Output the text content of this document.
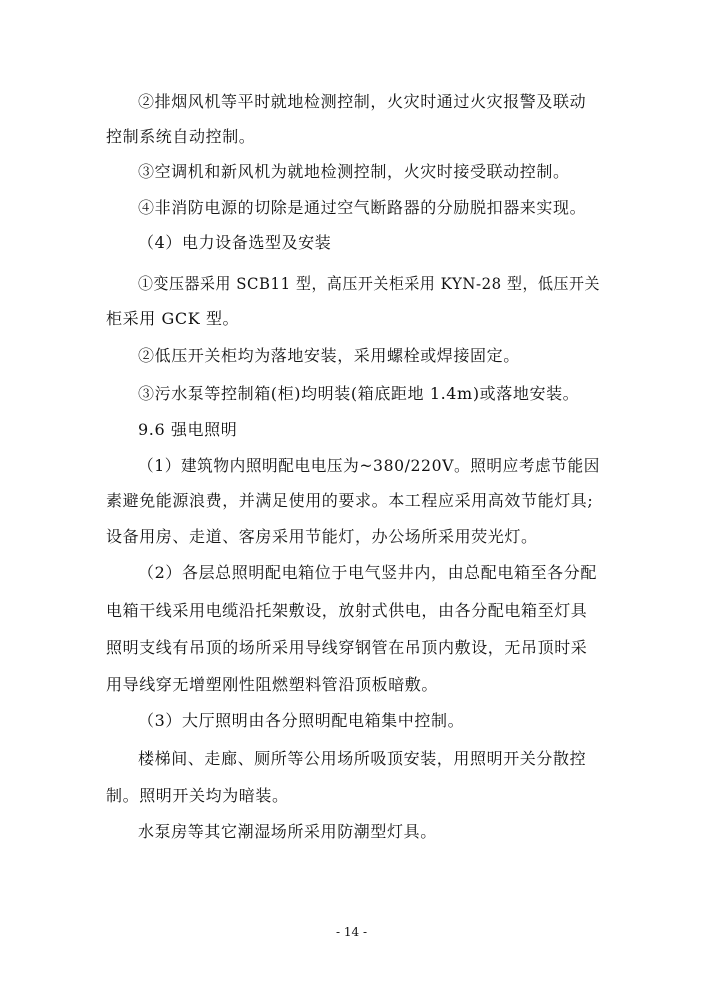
②排烟风机等平时就地检测控制，火灾时通过火灾报警及联动
控制系统自动控制。
③空调机和新风机为就地检测控制，火灾时接受联动控制。
④非消防电源的切除是通过空气断路器的分励脱扣器来实现。
（4）电力设备选型及安装
①变压器采用 SCB11 型，高压开关柜采用 KYN-28 型，低压开关
柜采用 GCK 型。
②低压开关柜均为落地安装，采用螺栓或焊接固定。
③污水泵等控制箱(柜)均明装(箱底距地 1.4m)或落地安装。
9.6 强电照明
（1）建筑物内照明配电电压为~380/220V。照明应考虑节能因
素避免能源浪费，并满足使用的要求。本工程应采用高效节能灯具;
设备用房、走道、客房采用节能灯，办公场所采用荧光灯。
（2）各层总照明配电箱位于电气竖井内，由总配电箱至各分配
电箱干线采用电缆沿托架敷设，放射式供电，由各分配电箱至灯具
照明支线有吊顶的场所采用导线穿钢管在吊顶内敷设，无吊顶时采
用导线穿无增塑刚性阻燃塑料管沿顶板暗敷。
（3）大厅照明由各分照明配电箱集中控制。
楼梯间、走廊、厕所等公用场所吸顶安装，用照明开关分散控
制。照明开关均为暗装。
水泵房等其它潮湿场所采用防潮型灯具。
- 14 -
